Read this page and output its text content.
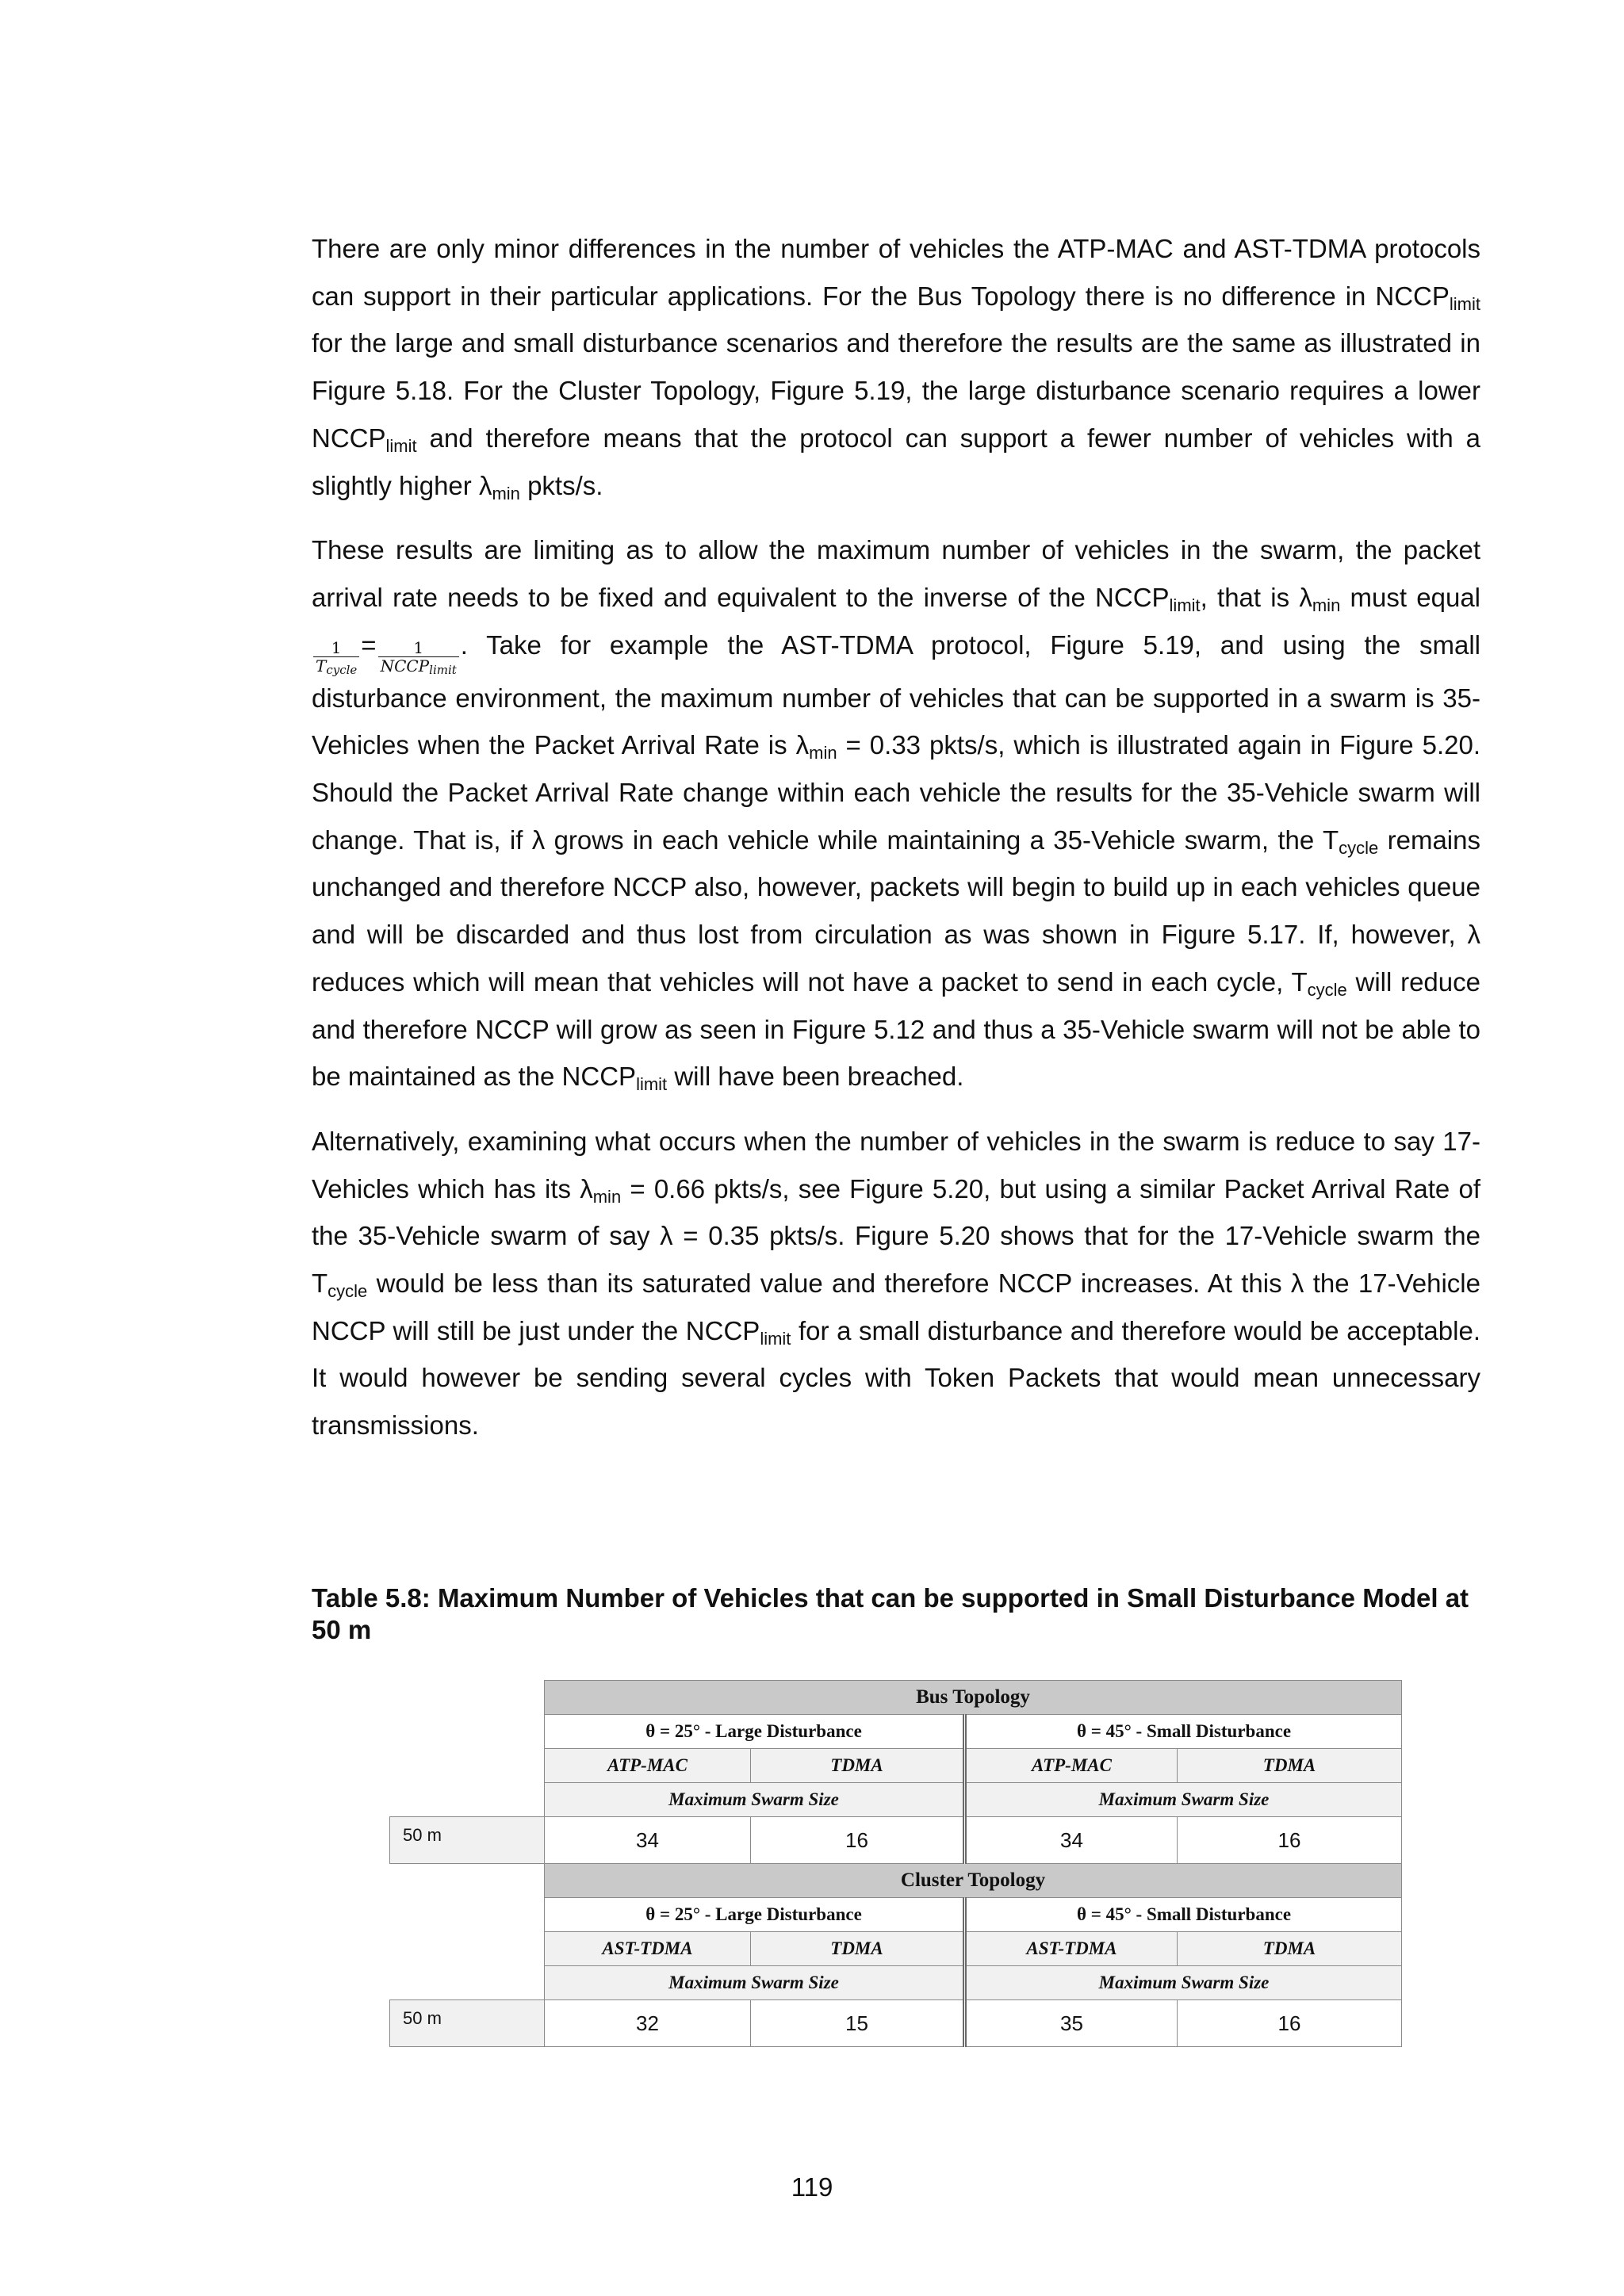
There are only minor differences in the number of vehicles the ATP-MAC and AST-TDMA protocols can support in their particular applications. For the Bus Topology there is no difference in $NCCP_{limit}$ for the large and small disturbance scenarios and therefore the results are the same as illustrated in Figure 5.18. For the Cluster Topology, Figure 5.19, the large disturbance scenario requires a lower $NCCP_{limit}$ and therefore means that the protocol can support a fewer number of vehicles with a slightly higher $\lambda_{min}$ pkts/s.

These results are limiting as to allow the maximum number of vehicles in the swarm, the packet arrival rate needs to be fixed and equivalent to the inverse of the $NCCP_{limit}$, that is $\lambda_{min}$ must equal
$\frac{1}{T_{cycle}} = \frac{1}{NCCP_{limit}}$ . Take for example the AST-TDMA protocol, Figure 5.19, and using the small disturbance environment, the maximum number of vehicles that can be supported in a swarm is 35-Vehicles when the Packet Arrival Rate is $\lambda_{min} = 0.33$ pkts/s, which is illustrated again in Figure 5.20. Should the Packet Arrival Rate change within each vehicle the results for the 35-Vehicle swarm will change. That is, if λ grows in each vehicle while maintaining a 35-Vehicle swarm, the $T_{cycle}$ remains unchanged and therefore NCCP also, however, packets will begin to build up in each vehicles queue and will be discarded and thus lost from circulation as was shown in Figure 5.17. If, however, λ reduces which will mean that vehicles will not have a packet to send in each cycle, $T_{cycle}$ will reduce and therefore NCCP will grow as seen in Figure 5.12 and thus a 35-Vehicle swarm will not be able to be maintained as the $NCCP_{limit}$ will have been breached.

Alternatively, examining what occurs when the number of vehicles in the swarm is reduce to say 17-Vehicles which has its $\lambda_{min} = 0.66$ pkts/s, see Figure 5.20, but using a similar Packet Arrival Rate of the 35-Vehicle swarm of say λ = 0.35 pkts/s. Figure 5.20 shows that for the 17-Vehicle swarm the $T_{cycle}$ would be less than its saturated value and therefore NCCP increases. At this λ the 17-Vehicle NCCP will still be just under the $NCCP_{limit}$ for a small disturbance and therefore would be acceptable. It would however be sending several cycles with Token Packets that would mean unnecessary transmissions.

Table 5.8: Maximum Number of Vehicles that can be supported in Small Disturbance Model at 50 m
	Bus Topology			
	θ = 25° - Large Disturbance		θ = 45° - Small Disturbance	
	ATP-MAC	TDMA	ATP-MAC	TDMA
	Maximum Swarm Size		Maximum Swarm Size	
50 m	34	16	34	16
	Cluster Topology			
	θ = 25° - Large Disturbance		θ = 45° - Small Disturbance	
	AST-TDMA	TDMA	AST-TDMA	TDMA
	Maximum Swarm Size		Maximum Swarm Size	
50 m	32	15	35	16
119
